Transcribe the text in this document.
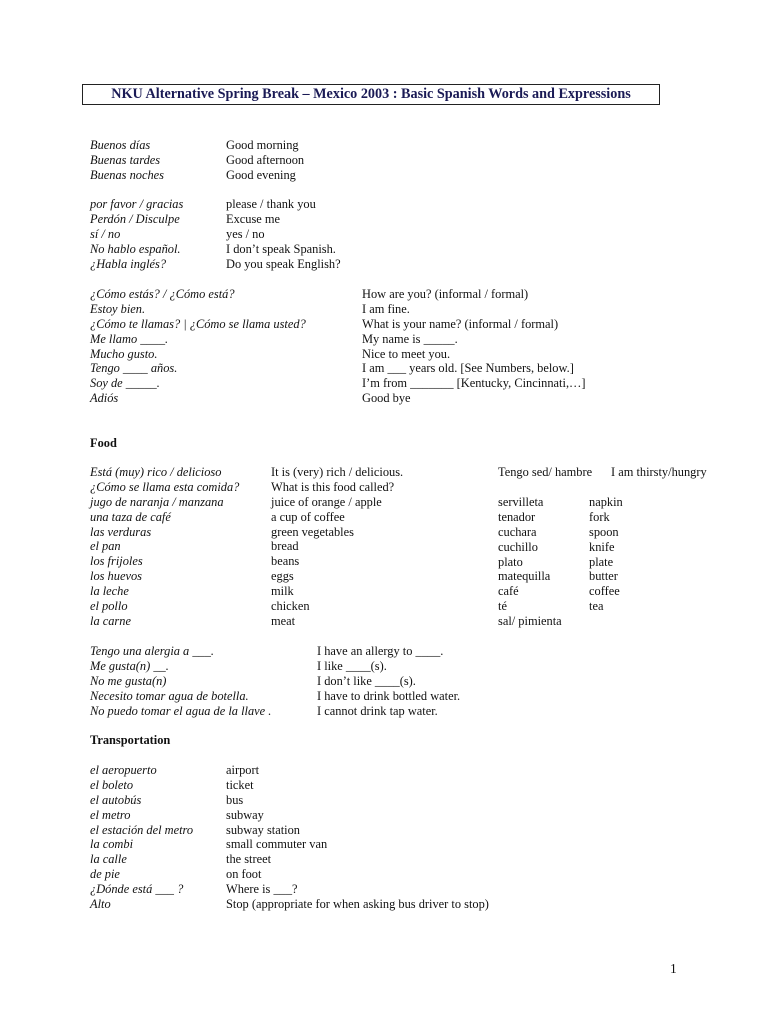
NKU Alternative Spring Break – Mexico 2003 : Basic Spanish Words and Expressions
Buenos días
Buenas tardes
Buenas noches
Good morning
Good afternoon
Good evening
por favor / gracias
Perdón / Disculpe
sí / no
No hablo español.
¿Habla inglés?
please / thank you
Excuse me
yes / no
I don’t speak Spanish.
Do you speak English?
¿Cómo estás? / ¿Cómo está?
Estoy bien.
¿Cómo te llamas? | ¿Cómo se llama usted?
Me llamo ____.
Mucho gusto.
Tengo ____ años.
Soy de _____.
Adiós
How are you? (informal / formal)
I am fine.
What is your name? (informal / formal)
My name is _____.
Nice to meet you.
I am ___ years old. [See Numbers, below.]
I’m from _______ [Kentucky, Cincinnati,…]
Good bye
Food
Está (muy) rico / delicioso
¿Cómo se llama esta comida?
jugo de naranja / manzana
una taza de café
las verduras
el pan
los frijoles
los huevos
la leche
el pollo
la carne
It is (very) rich / delicious.
What is this food called?
juice of orange / apple
a cup of coffee
green vegetables
bread
beans
eggs
milk
chicken
meat
Tengo sed/ hambre I am thirsty/hungry
servilleta
tenador
cuchara
cuchillo
plato
matequilla
café
té
sal/ pimienta
napkin
fork
spoon
knife
plate
butter
coffee
tea
Tengo una alergia a ___.
Me gusta(n) __.
No me gusta(n)
Necesito tomar agua de botella.
No puedo tomar el agua de la llave .
I have an allergy to ____.
I like ____(s).
I don’t like ____(s).
I have to drink bottled water.
I cannot drink tap water.
Transportation
el aeropuerto
el boleto
el autobús
el metro
el estación del metro
la combi
la calle
de pie
¿Dónde está ___ ?
Alto
airport
ticket
bus
subway
subway station
small commuter van
the street
on foot
Where is ___?
Stop (appropriate for when asking bus driver to stop)
1
